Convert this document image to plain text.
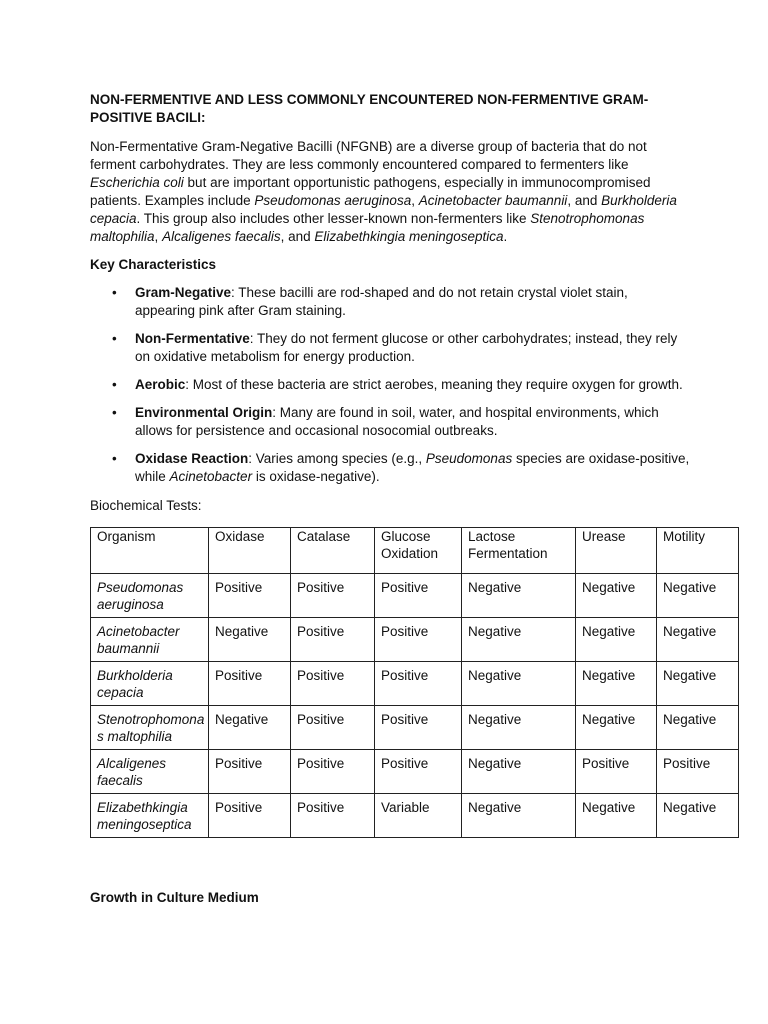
NON-FERMENTIVE AND LESS COMMONLY ENCOUNTERED NON-FERMENTIVE GRAM-POSITIVE BACILI:

Non-Fermentative Gram-Negative Bacilli (NFGNB) are a diverse group of bacteria that do not ferment carbohydrates. They are less commonly encountered compared to fermenters like Escherichia coli but are important opportunistic pathogens, especially in immunocompromised patients. Examples include Pseudomonas aeruginosa, Acinetobacter baumannii, and Burkholderia cepacia. This group also includes other lesser-known non-fermenters like Stenotrophomonas maltophilia, Alcaligenes faecalis, and Elizabethkingia meningoseptica.

Key Characteristics

• Gram-Negative: These bacilli are rod-shaped and do not retain crystal violet stain, appearing pink after Gram staining.
• Non-Fermentative: They do not ferment glucose or other carbohydrates; instead, they rely on oxidative metabolism for energy production.
• Aerobic: Most of these bacteria are strict aerobes, meaning they require oxygen for growth.
• Environmental Origin: Many are found in soil, water, and hospital environments, which allows for persistence and occasional nosocomial outbreaks.
• Oxidase Reaction: Varies among species (e.g., Pseudomonas species are oxidase-positive, while Acinetobacter is oxidase-negative).

Biochemical Tests:

Organism	Oxidase	Catalase	Glucose Oxidation	Lactose Fermentation	Urease	Motility
Pseudomonas aeruginosa	Positive	Positive	Positive	Negative	Negative	Negative
Acinetobacter baumannii	Negative	Positive	Positive	Negative	Negative	Negative
Burkholderia cepacia	Positive	Positive	Positive	Negative	Negative	Negative
Stenotrophomona s maltophilia	Negative	Positive	Positive	Negative	Negative	Negative
Alcaligenes faecalis	Positive	Positive	Positive	Negative	Positive	Positive
Elizabethkingia meningoseptica	Positive	Positive	Variable	Negative	Negative	Negative

Growth in Culture Medium
